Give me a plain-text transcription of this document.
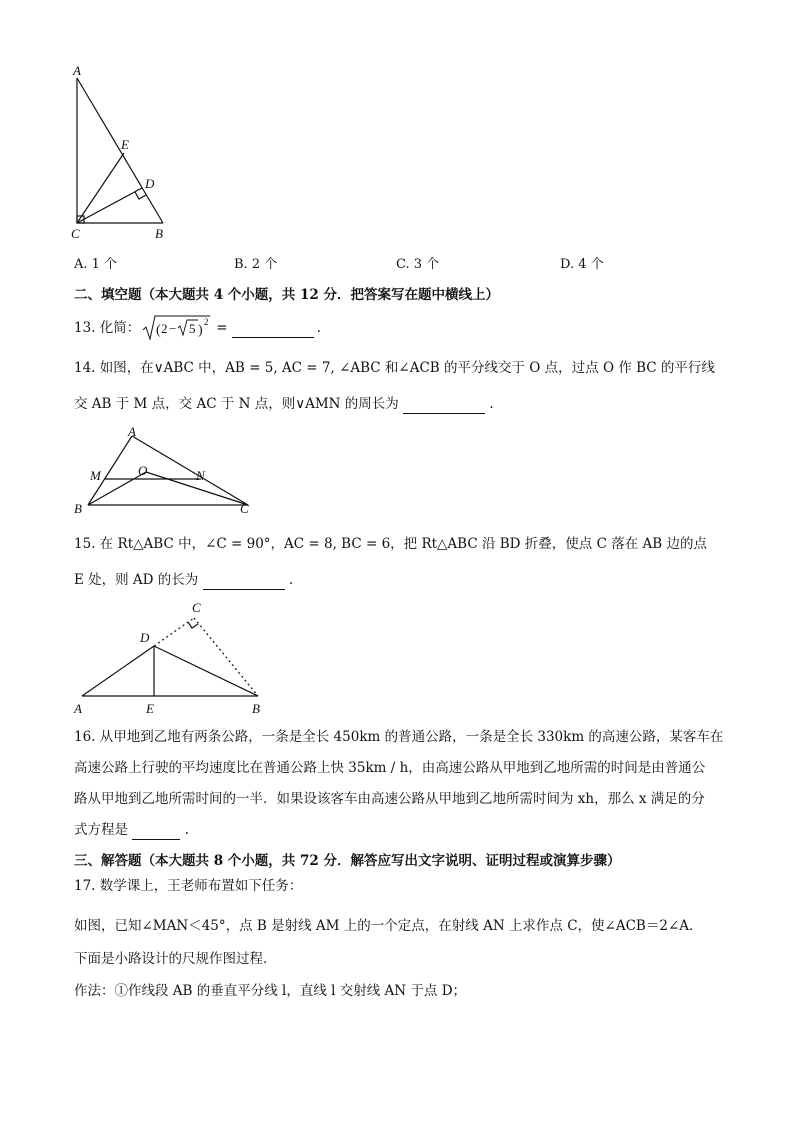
A
E
D
C	B
A. 1 个	B. 2 个	C. 3 个	D. 4 个
二、填空题（本大题共 4 个小题，共 12 分．把答案写在题中横线上）
13. 化简： ( 2 − 5 )
2 =
	.
14. 如图，在∨ABC 中，AB = 5, AC = 7, ∠ABC 和∠ACB 的平分线交于 O 点，过点 O 作 BC 的平行线
交 AB 于 M 点，交 AC 于 N 点，则∨AMN 的周长为	.
A
M	O	N
B	C
15. 在 Rt△ABC 中，∠C = 90°，AC = 8, BC = 6，把 Rt△ABC 沿 BD 折叠，使点 C 落在 AB 边的点
E 处，则 AD 的长为	.
C
D
A	E	B
16. 从甲地到乙地有两条公路，一条是全长 450km 的普通公路，一条是全长 330km 的高速公路，某客车在
高速公路上行驶的平均速度比在普通公路上快 35km / h，由高速公路从甲地到乙地所需的时间是由普通公
路从甲地到乙地所需时间的一半．如果设该客车由高速公路从甲地到乙地所需时间为 xh，那么 x 满足的分
式方程是	.
三、解答题（本大题共 8 个小题，共 72 分．解答应写出文字说明、证明过程或演算步骤）
17. 数学课上，王老师布置如下任务：
如图，已知∠MAN＜45°，点 B 是射线 AM 上的一个定点，在射线 AN 上求作点 C，使∠ACB＝2∠A．
下面是小路设计的尺规作图过程．
作法：①作线段 AB 的垂直平分线 l，直线 l 交射线 AN 于点 D；
